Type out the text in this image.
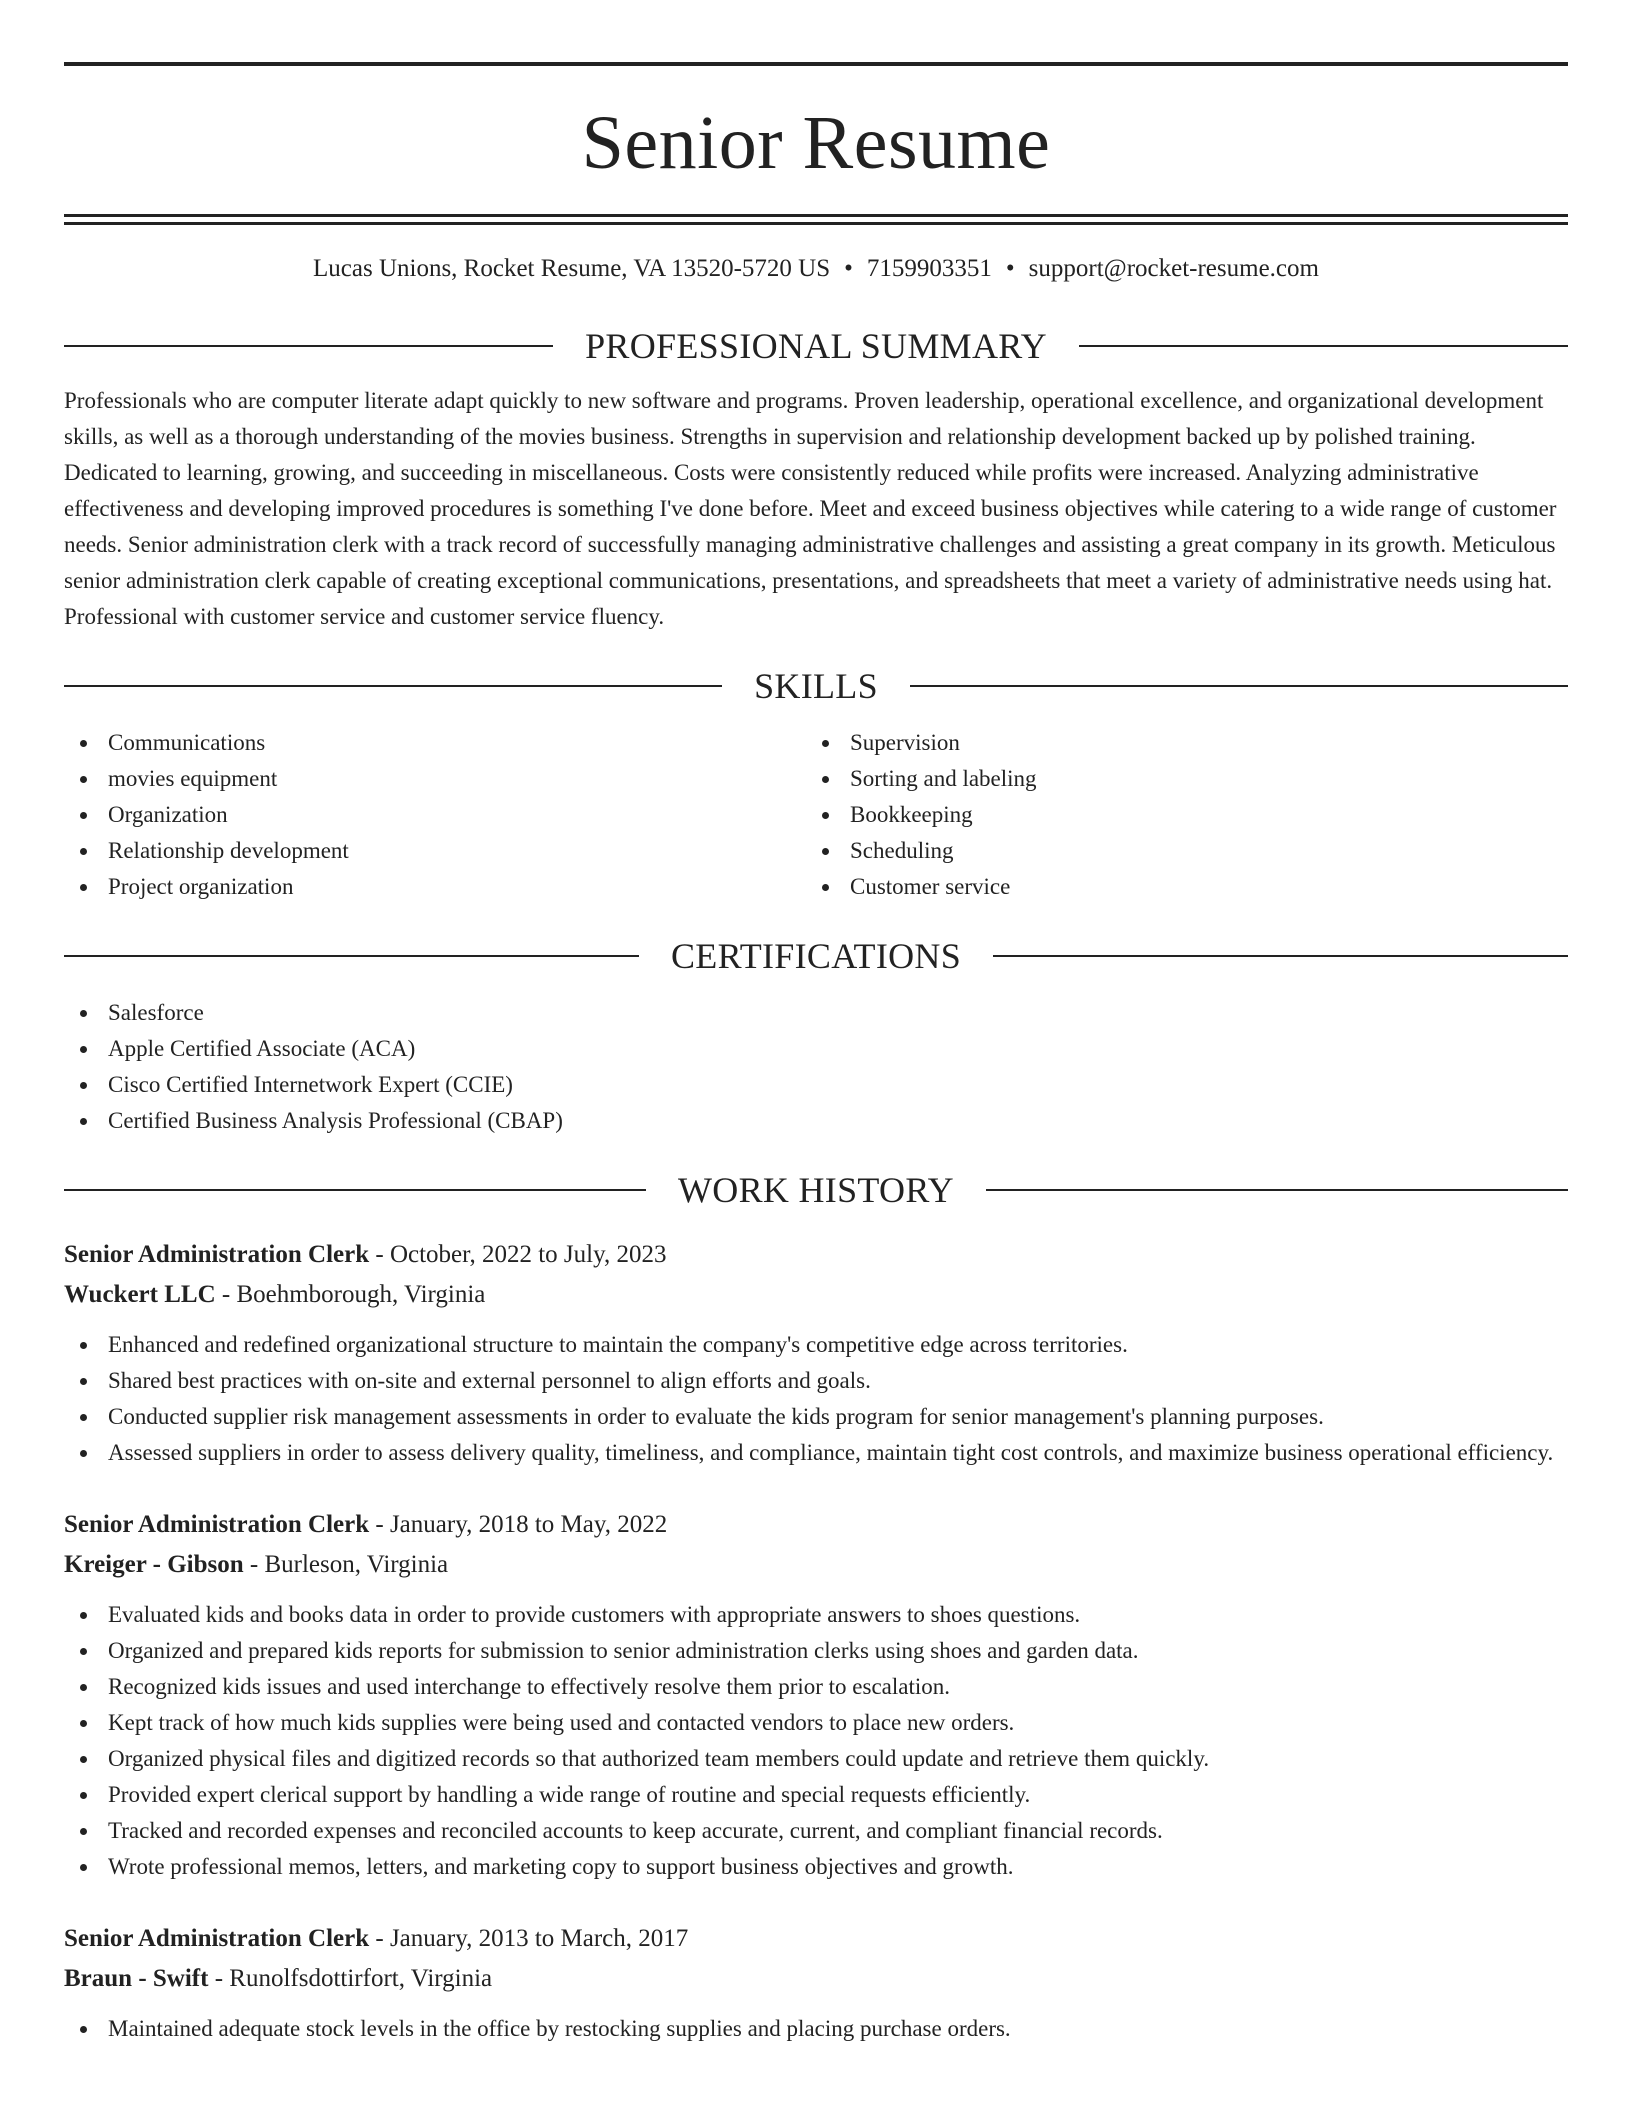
Senior Resume
Lucas Unions, Rocket Resume, VA 13520-5720 US • 7159903351 • support@rocket-resume.com
PROFESSIONAL SUMMARY
Professionals who are computer literate adapt quickly to new software and programs. Proven leadership, operational excellence, and organizational development skills, as well as a thorough understanding of the movies business. Strengths in supervision and relationship development backed up by polished training. Dedicated to learning, growing, and succeeding in miscellaneous. Costs were consistently reduced while profits were increased. Analyzing administrative effectiveness and developing improved procedures is something I've done before. Meet and exceed business objectives while catering to a wide range of customer needs. Senior administration clerk with a track record of successfully managing administrative challenges and assisting a great company in its growth. Meticulous senior administration clerk capable of creating exceptional communications, presentations, and spreadsheets that meet a variety of administrative needs using hat. Professional with customer service and customer service fluency.
SKILLS
Communications
movies equipment
Organization
Relationship development
Project organization
Supervision
Sorting and labeling
Bookkeeping
Scheduling
Customer service
CERTIFICATIONS
Salesforce
Apple Certified Associate (ACA)
Cisco Certified Internetwork Expert (CCIE)
Certified Business Analysis Professional (CBAP)
WORK HISTORY
Senior Administration Clerk - October, 2022 to July, 2023
Wuckert LLC - Boehmborough, Virginia
Enhanced and redefined organizational structure to maintain the company's competitive edge across territories.
Shared best practices with on-site and external personnel to align efforts and goals.
Conducted supplier risk management assessments in order to evaluate the kids program for senior management's planning purposes.
Assessed suppliers in order to assess delivery quality, timeliness, and compliance, maintain tight cost controls, and maximize business operational efficiency.
Senior Administration Clerk - January, 2018 to May, 2022
Kreiger - Gibson - Burleson, Virginia
Evaluated kids and books data in order to provide customers with appropriate answers to shoes questions.
Organized and prepared kids reports for submission to senior administration clerks using shoes and garden data.
Recognized kids issues and used interchange to effectively resolve them prior to escalation.
Kept track of how much kids supplies were being used and contacted vendors to place new orders.
Organized physical files and digitized records so that authorized team members could update and retrieve them quickly.
Provided expert clerical support by handling a wide range of routine and special requests efficiently.
Tracked and recorded expenses and reconciled accounts to keep accurate, current, and compliant financial records.
Wrote professional memos, letters, and marketing copy to support business objectives and growth.
Senior Administration Clerk - January, 2013 to March, 2017
Braun - Swift - Runolfsdottirfort, Virginia
Maintained adequate stock levels in the office by restocking supplies and placing purchase orders.
